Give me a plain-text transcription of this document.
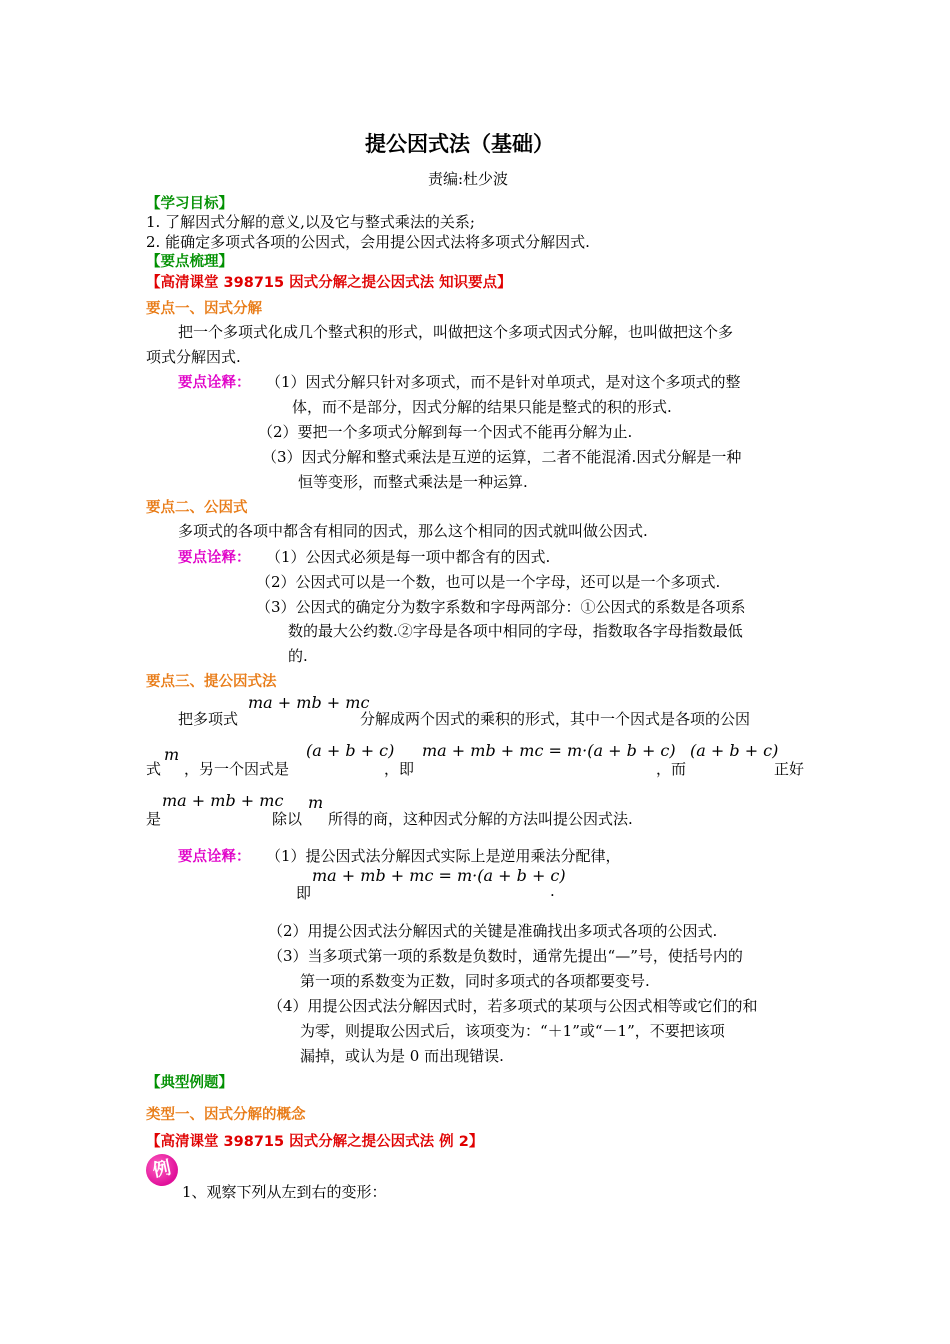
提公因式法（基础）
责编:杜少波
【学习目标】
1. 了解因式分解的意义,以及它与整式乘法的关系;
2. 能确定多项式各项的公因式，会用提公因式法将多项式分解因式.
【要点梳理】
【高清课堂 398715 因式分解之提公因式法 知识要点】
要点一、因式分解
把一个多项式化成几个整式积的形式，叫做把这个多项式因式分解，也叫做把这个多
项式分解因式.
要点诠释： （1）因式分解只针对多项式，而不是针对单项式，是对这个多项式的整
体，而不是部分，因式分解的结果只能是整式的积的形式.
（2）要把一个多项式分解到每一个因式不能再分解为止.
（3）因式分解和整式乘法是互逆的运算，二者不能混淆.因式分解是一种
恒等变形，而整式乘法是一种运算.
要点二、公因式
多项式的各项中都含有相同的因式，那么这个相同的因式就叫做公因式.
要点诠释： （1）公因式必须是每一项中都含有的因式.
（2）公因式可以是一个数，也可以是一个字母，还可以是一个多项式.
（3）公因式的确定分为数字系数和字母两部分：①公因式的系数是各项系
数的最大公约数.②字母是各项中相同的字母，指数取各字母指数最低
的.
要点三、提公因式法
把多项式
ma + mb + mc
分解成两个因式的乘积的形式，其中一个因式是各项的公因
式
m
，另一个因式是
(a + b + c)
，即
ma + mb + mc = m·(a + b + c)
，而
(a + b + c)
正好
是
ma + mb + mc
除以
m
所得的商，这种因式分解的方法叫提公因式法.
要点诠释： （1）提公因式法分解因式实际上是逆用乘法分配律，
即
ma + mb + mc = m·(a + b + c)
.
（2）用提公因式法分解因式的关键是准确找出多项式各项的公因式.
（3）当多项式第一项的系数是负数时，通常先提出“—”号，使括号内的
第一项的系数变为正数，同时多项式的各项都要变号.
（4）用提公因式法分解因式时，若多项式的某项与公因式相等或它们的和
为零，则提取公因式后，该项变为：“＋1”或“－1”，不要把该项
漏掉，或认为是 0 而出现错误.
【典型例题】
类型一、因式分解的概念
【高清课堂 398715 因式分解之提公因式法 例 2】
例
1、观察下列从左到右的变形：
